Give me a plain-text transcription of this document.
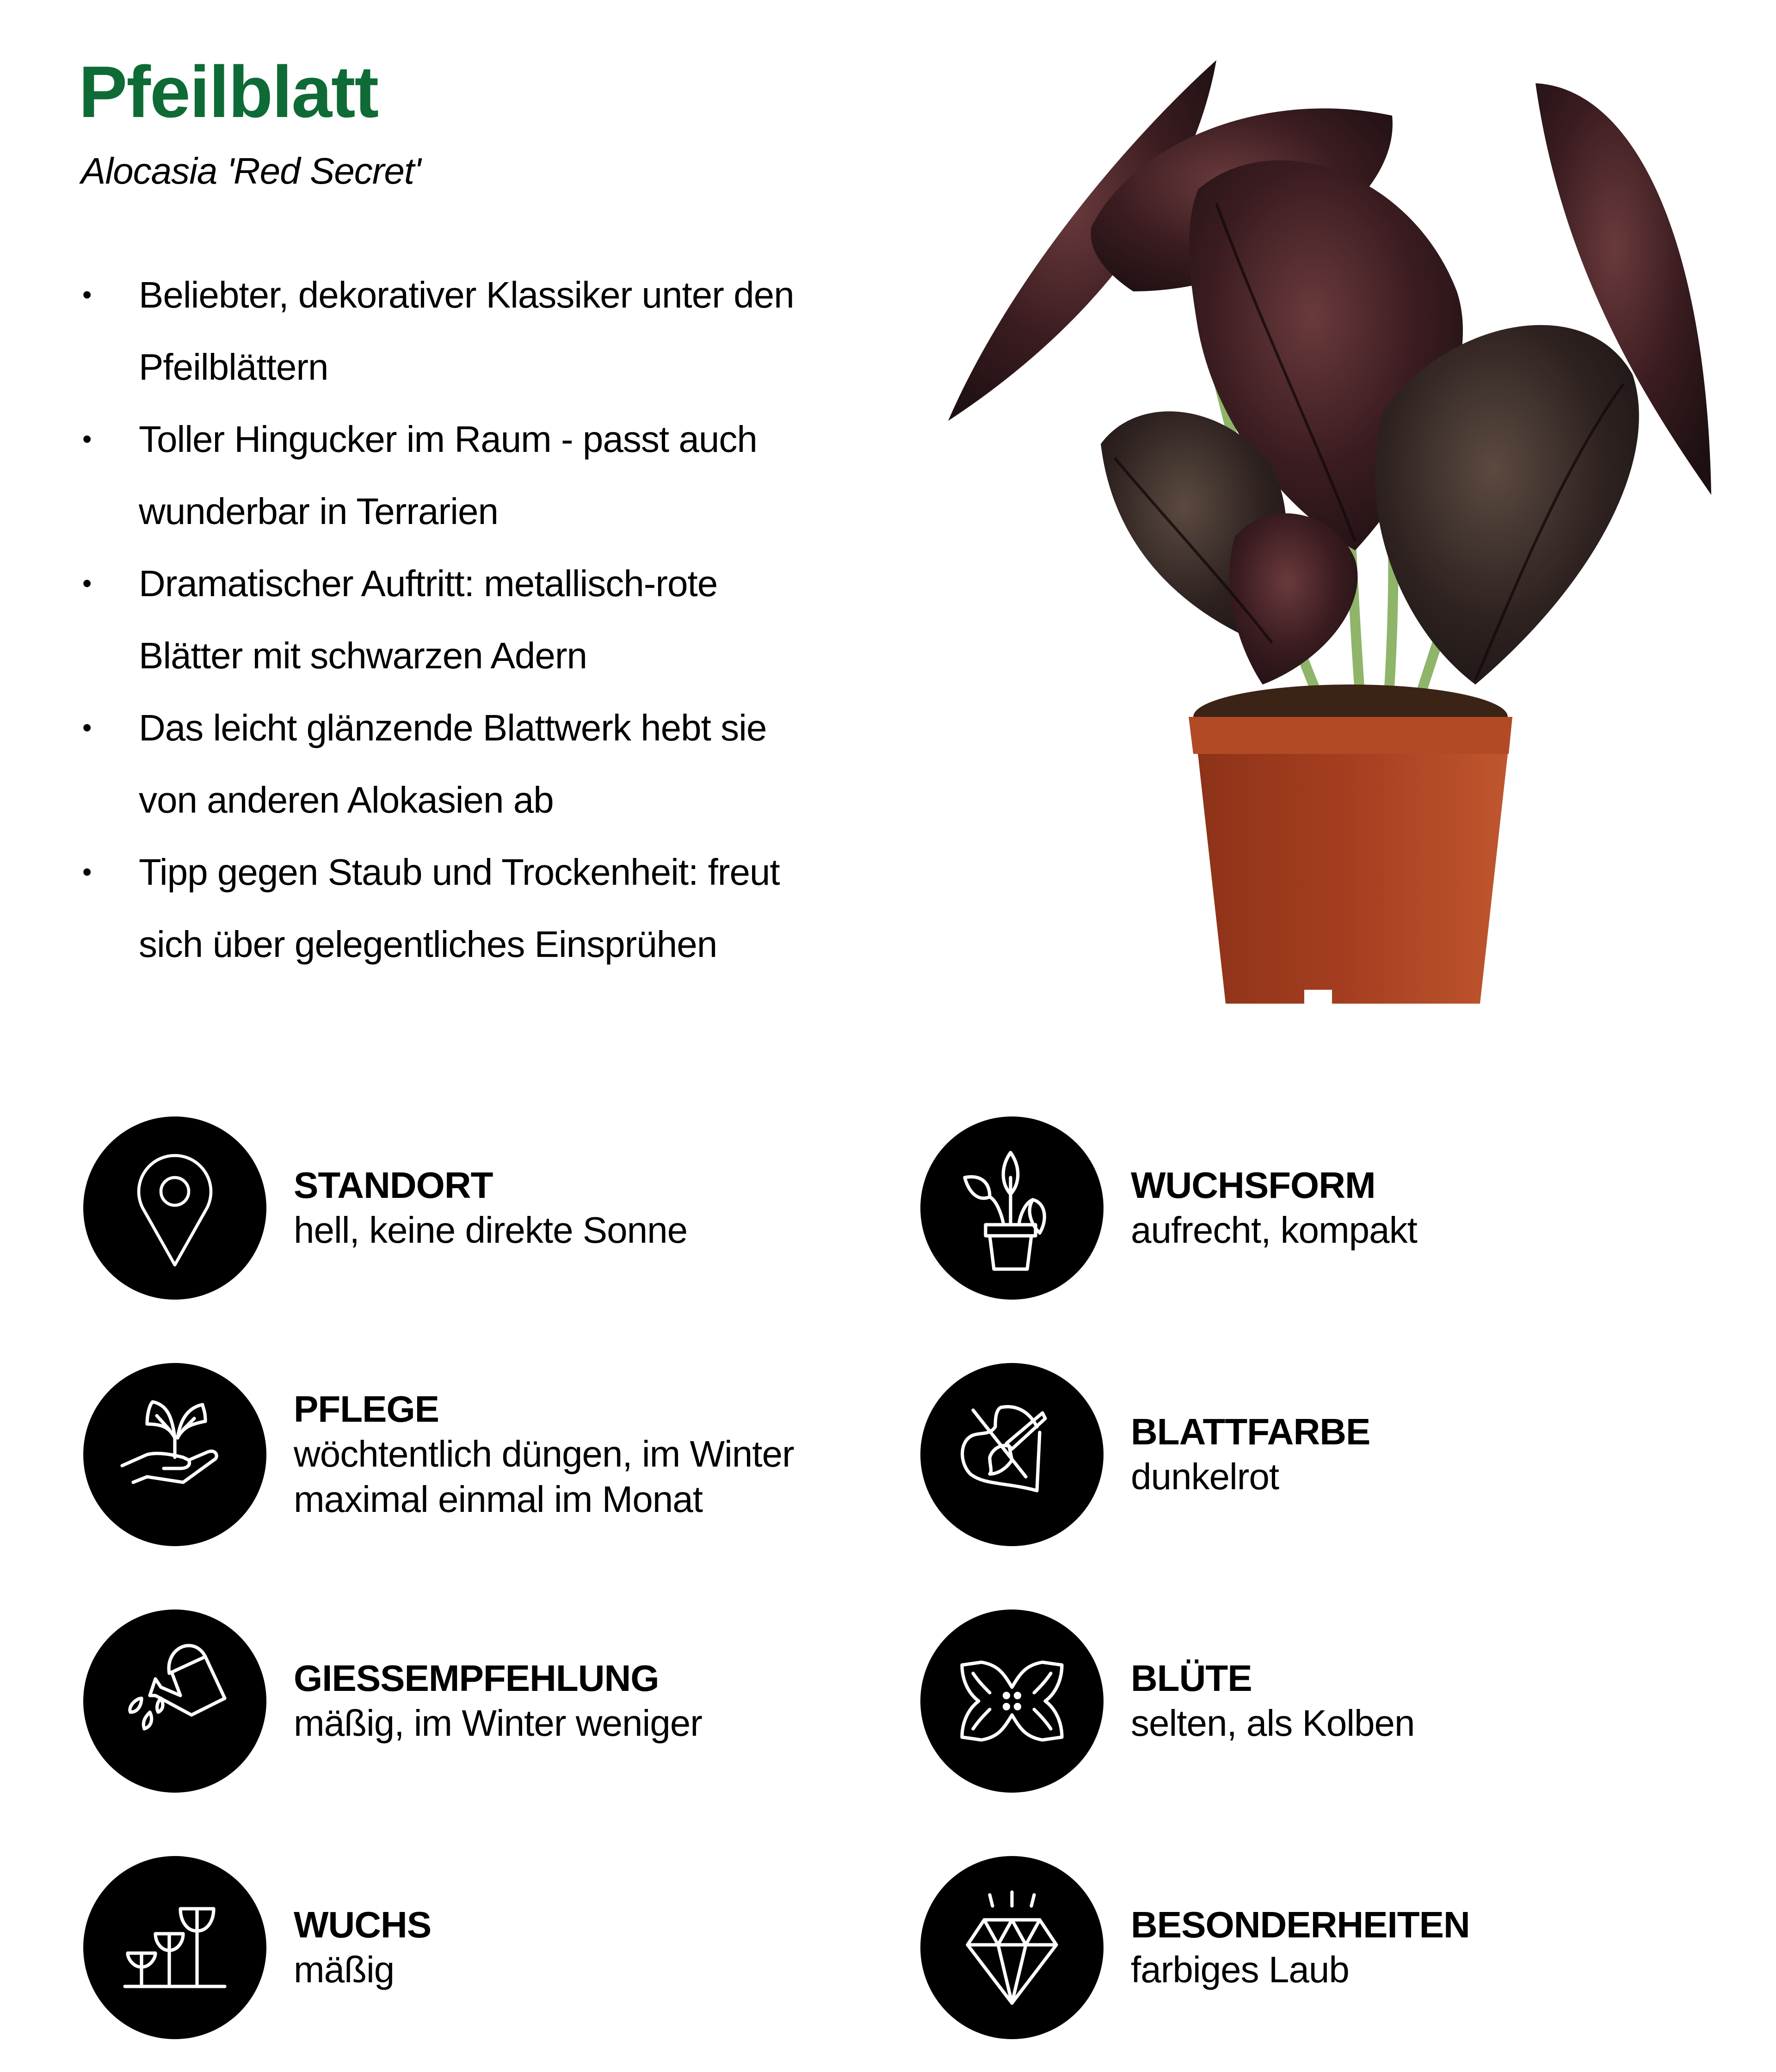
Pfeilblatt

Alocasia 'Red Secret'

• Beliebter, dekorativer Klassiker unter den
Pfeilblättern
• Toller Hingucker im Raum - passt auch
wunderbar in Terrarien
• Dramatischer Auftritt: metallisch-rote
Blätter mit schwarzen Adern
• Das leicht glänzende Blattwerk hebt sie
von anderen Alokasien ab
• Tipp gegen Staub und Trockenheit: freut
sich über gelegentliches Einsprühen
STANDORT
hell, keine direkte Sonne
WUCHSFORM
aufrecht, kompakt
PFLEGE
wöchtentlich düngen, im Winter
maximal einmal im Monat
BLATTFARBE
dunkelrot
GIESSEMPFEHLUNG
mäßig, im Winter weniger
BLÜTE
selten, als Kolben
WUCHS
mäßig
BESONDERHEITEN
farbiges Laub
